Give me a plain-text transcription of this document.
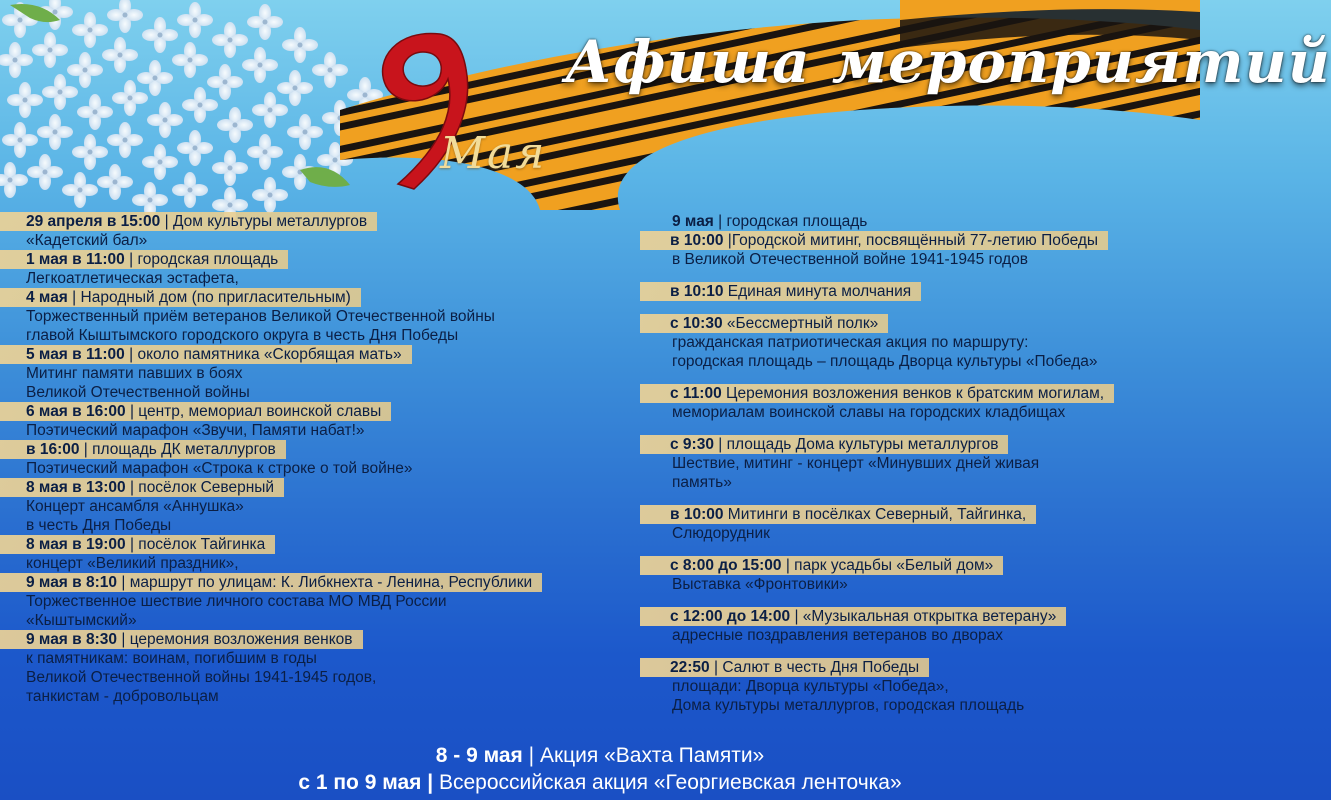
Мая
Афиша мероприятий
29 апреля в 15:00 | Дом культуры металлургов
«Кадетский бал»
1 мая в 11:00 | городская площадь
Легкоатлетическая эстафета,
4 мая | Народный дом (по пригласительным)
Торжественный приём ветеранов Великой Отечественной войны
главой Кыштымского городского округа в честь Дня Победы
5 мая в 11:00 | около памятника «Скорбящая мать»
Митинг памяти павших в боях
Великой Отечественной войны
6 мая в 16:00 | центр, мемориал воинской славы
Поэтический марафон «Звучи, Памяти набат!»
в 16:00 | площадь ДК металлургов
Поэтический марафон «Строка к строке о той войне»
8 мая в 13:00 | посёлок Северный
Концерт ансамбля «Аннушка»
в честь Дня Победы
8 мая в 19:00 | посёлок Тайгинка
концерт «Великий праздник»,
9 мая в 8:10 | маршрут по улицам: К. Либкнехта - Ленина, Республики
Торжественное шествие личного состава МО МВД России
«Кыштымский»
9 мая в 8:30 | церемония возложения венков
к памятникам: воинам, погибшим в годы
Великой Отечественной войны 1941-1945 годов,
танкистам - добровольцам
9 мая | городская площадь
в 10:00 |Городской митинг, посвящённый 77-летию Победы
в Великой Отечественной войне 1941-1945 годов
в 10:10 Единая минута молчания
с 10:30 «Бессмертный полк»
гражданская патриотическая акция по маршруту:
городская площадь – площадь Дворца культуры «Победа»
с 11:00 Церемония возложения венков к братским могилам,
мемориалам воинской славы на городских кладбищах
с 9:30 | площадь Дома культуры металлургов
Шествие, митинг - концерт «Минувших дней живая
память»
в 10:00 Митинги в посёлках Северный, Тайгинка,
Слюдорудник
с 8:00 до 15:00 | парк усадьбы «Белый дом»
Выставка «Фронтовики»
с 12:00 до 14:00 | «Музыкальная открытка ветерану»
адресные поздравления ветеранов во дворах
22:50 | Салют в честь Дня Победы
площади: Дворца культуры «Победа»,
Дома культуры металлургов, городская площадь
8 - 9 мая | Акция «Вахта Памяти»
с 1 по 9 мая | Всероссийская акция «Георгиевская ленточка»
